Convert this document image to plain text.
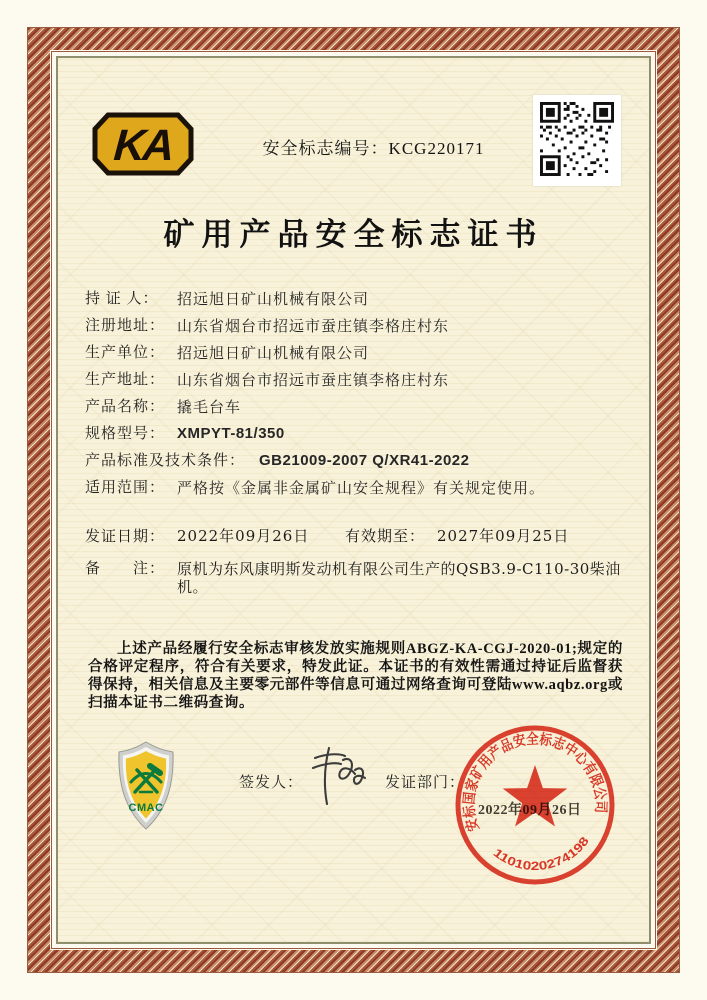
KA	安全标志编号：KCG220171
矿用产品安全标志证书
持 证 人：	招远旭日矿山机械有限公司
注册地址： 山东省烟台市招远市蚕庄镇李格庄村东
生产单位： 招远旭日矿山机械有限公司
生产地址： 山东省烟台市招远市蚕庄镇李格庄村东
产品名称： 撬毛台车
规格型号： XMPYT-81/350
产品标准及技术条件： GB21009-2007 Q/XR41-2022
适用范围： 严格按《金属非金属矿山安全规程》有关规定使用。
发证日期： 2022年09月26日 有效期至： 2027年09月25日
备　　注： 原机为东风康明斯发动机有限公司生产的QSB3.9-C110-30柴油机。
上述产品经履行安全标志审核发放实施规则ABGZ-KA-CGJ-2020-01;规定的合格评定程序，符合有关要求，特发此证。本证书的有效性需通过持证后监督获得保持，相关信息及主要零元部件等信息可通过网络查询可登陆www.aqbz.org或扫描本证书二维码查询。
CMAC
签发人：	发证部门：
安标国家矿用产品安全标志中心有限公司
1101020274198
2022年09月26日
